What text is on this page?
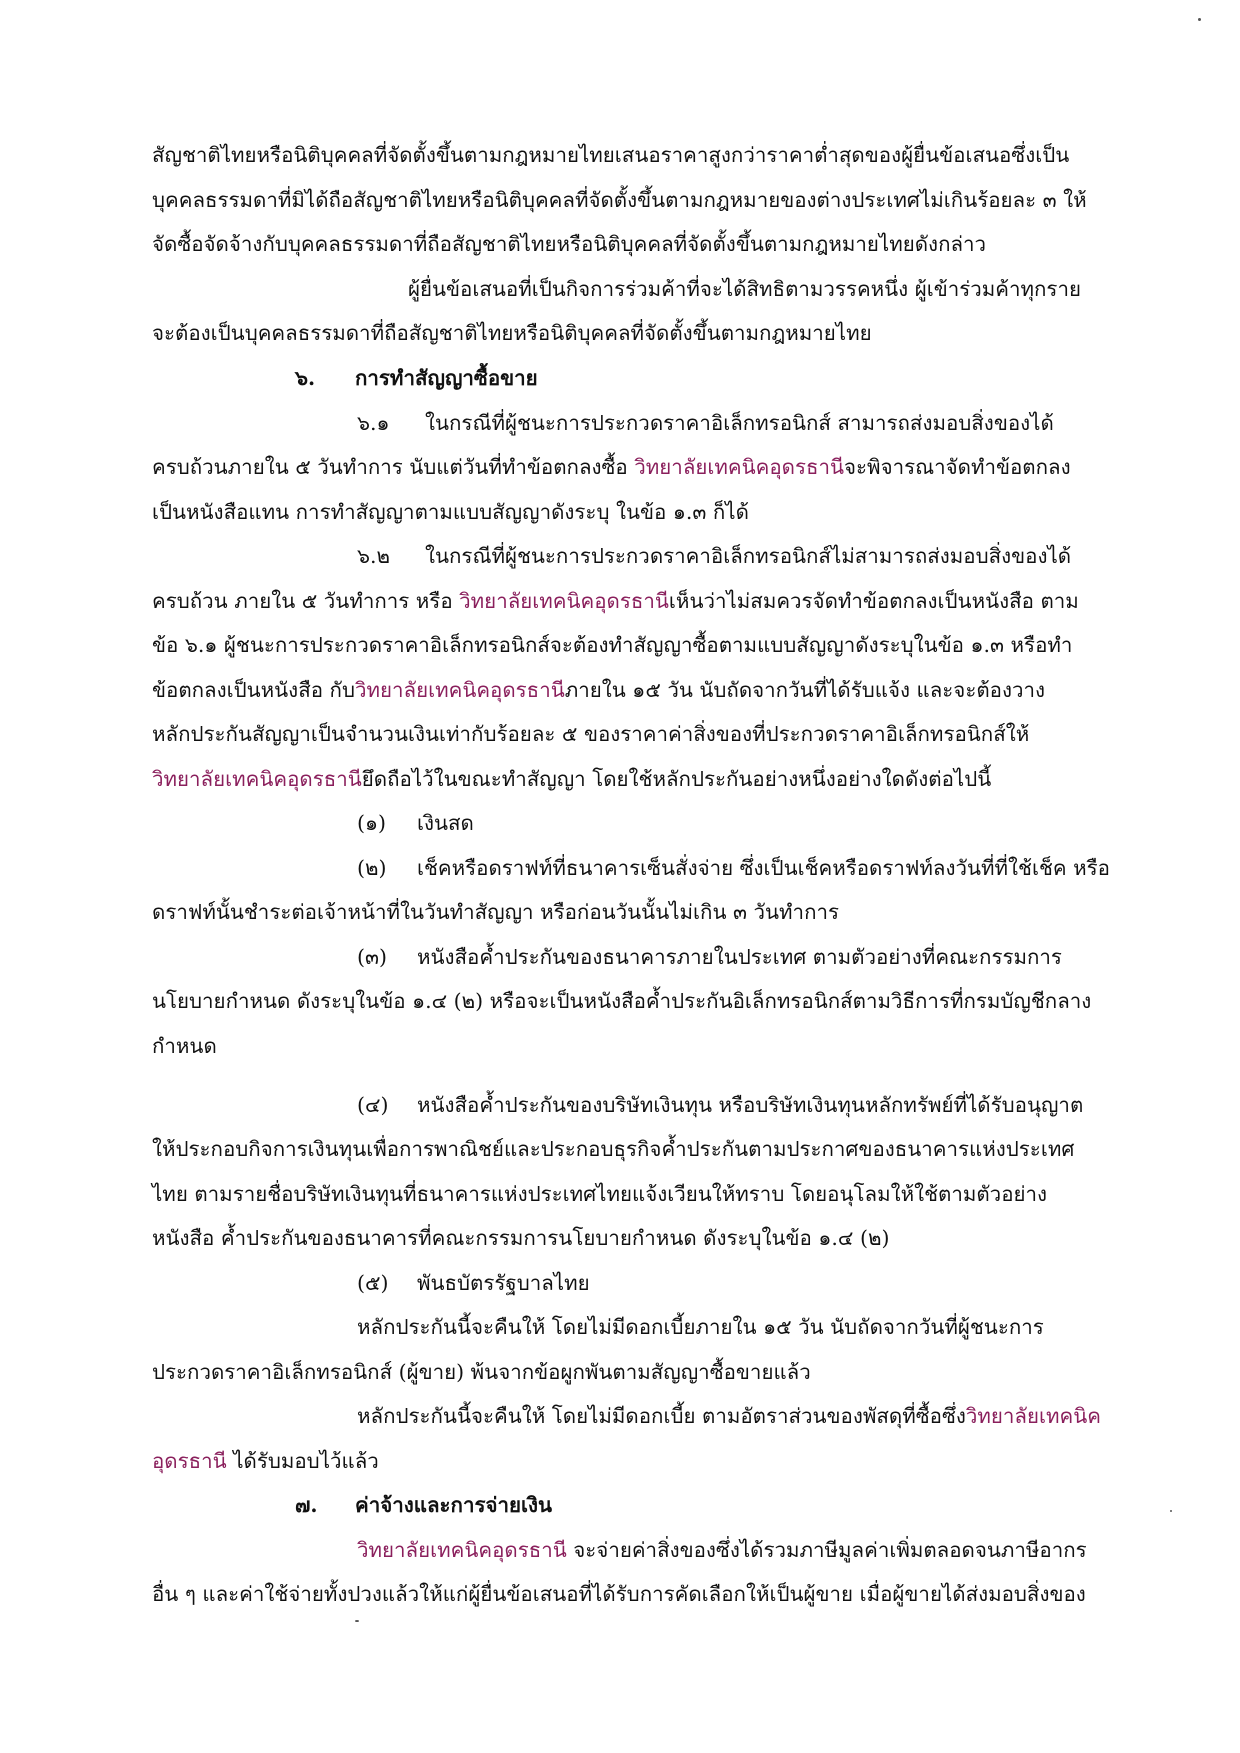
สัญชาติไทยหรือนิติบุคคลที่จัดตั้งขึ้นตามกฎหมายไทยเสนอราคาสูงกว่าราคาต่ำสุดของผู้ยื่นข้อเสนอซึ่งเป็น

บุคคลธรรมดาที่มิได้ถือสัญชาติไทยหรือนิติบุคคลที่จัดตั้งขึ้นตามกฎหมายของต่างประเทศไม่เกินร้อยละ ๓ ให้

จัดซื้อจัดจ้างกับบุคคลธรรมดาที่ถือสัญชาติไทยหรือนิติบุคคลที่จัดตั้งขึ้นตามกฎหมายไทยดังกล่าว

ผู้ยื่นข้อเสนอที่เป็นกิจการร่วมค้าที่จะได้สิทธิตามวรรคหนึ่ง ผู้เข้าร่วมค้าทุกราย

จะต้องเป็นบุคคลธรรมดาที่ถือสัญชาติไทยหรือนิติบุคคลที่จัดตั้งขึ้นตามกฎหมายไทย

๖. การทำสัญญาซื้อขาย

๖.๑ ในกรณีที่ผู้ชนะการประกวดราคาอิเล็กทรอนิกส์ สามารถส่งมอบสิ่งของได้

ครบถ้วนภายใน ๕ วันทำการ นับแต่วันที่ทำข้อตกลงซื้อ วิทยาลัยเทคนิคอุดรธานีจะพิจารณาจัดทำข้อตกลง

เป็นหนังสือแทน การทำสัญญาตามแบบสัญญาดังระบุ ในข้อ ๑.๓ ก็ได้

๖.๒ ในกรณีที่ผู้ชนะการประกวดราคาอิเล็กทรอนิกส์ไม่สามารถส่งมอบสิ่งของได้

ครบถ้วน ภายใน ๕ วันทำการ หรือ วิทยาลัยเทคนิคอุดรธานีเห็นว่าไม่สมควรจัดทำข้อตกลงเป็นหนังสือ ตาม

ข้อ ๖.๑ ผู้ชนะการประกวดราคาอิเล็กทรอนิกส์จะต้องทำสัญญาซื้อตามแบบสัญญาดังระบุในข้อ ๑.๓ หรือทำ

ข้อตกลงเป็นหนังสือ กับวิทยาลัยเทคนิคอุดรธานีภายใน ๑๕ วัน นับถัดจากวันที่ได้รับแจ้ง และจะต้องวาง

หลักประกันสัญญาเป็นจำนวนเงินเท่ากับร้อยละ ๕ ของราคาค่าสิ่งของที่ประกวดราคาอิเล็กทรอนิกส์ให้

วิทยาลัยเทคนิคอุดรธานียึดถือไว้ในขณะทำสัญญา โดยใช้หลักประกันอย่างหนึ่งอย่างใดดังต่อไปนี้

(๑) เงินสด

(๒) เช็คหรือดราฟท์ที่ธนาคารเซ็นสั่งจ่าย ซึ่งเป็นเช็คหรือดราฟท์ลงวันที่ที่ใช้เช็ค หรือ

ดราฟท์นั้นชำระต่อเจ้าหน้าที่ในวันทำสัญญา หรือก่อนวันนั้นไม่เกิน ๓ วันทำการ

(๓) หนังสือค้ำประกันของธนาคารภายในประเทศ ตามตัวอย่างที่คณะกรรมการ

นโยบายกำหนด ดังระบุในข้อ ๑.๔ (๒) หรือจะเป็นหนังสือค้ำประกันอิเล็กทรอนิกส์ตามวิธีการที่กรมบัญชีกลาง

กำหนด

(๔) หนังสือค้ำประกันของบริษัทเงินทุน หรือบริษัทเงินทุนหลักทรัพย์ที่ได้รับอนุญาต

ให้ประกอบกิจการเงินทุนเพื่อการพาณิชย์และประกอบธุรกิจค้ำประกันตามประกาศของธนาคารแห่งประเทศ

ไทย ตามรายชื่อบริษัทเงินทุนที่ธนาคารแห่งประเทศไทยแจ้งเวียนให้ทราบ โดยอนุโลมให้ใช้ตามตัวอย่าง

หนังสือ ค้ำประกันของธนาคารที่คณะกรรมการนโยบายกำหนด ดังระบุในข้อ ๑.๔ (๒)

(๕) พันธบัตรรัฐบาลไทย

หลักประกันนี้จะคืนให้ โดยไม่มีดอกเบี้ยภายใน ๑๕ วัน นับถัดจากวันที่ผู้ชนะการ

ประกวดราคาอิเล็กทรอนิกส์ (ผู้ขาย) พ้นจากข้อผูกพันตามสัญญาซื้อขายแล้ว

หลักประกันนี้จะคืนให้ โดยไม่มีดอกเบี้ย ตามอัตราส่วนของพัสดุที่ซื้อซึ่งวิทยาลัยเทคนิค

อุดรธานี ได้รับมอบไว้แล้ว

๗. ค่าจ้างและการจ่ายเงิน

วิทยาลัยเทคนิคอุดรธานี จะจ่ายค่าสิ่งของซึ่งได้รวมภาษีมูลค่าเพิ่มตลอดจนภาษีอากร

อื่น ๆ และค่าใช้จ่ายทั้งปวงแล้วให้แก่ผู้ยื่นข้อเสนอที่ได้รับการคัดเลือกให้เป็นผู้ขาย เมื่อผู้ขายได้ส่งมอบสิ่งของ
